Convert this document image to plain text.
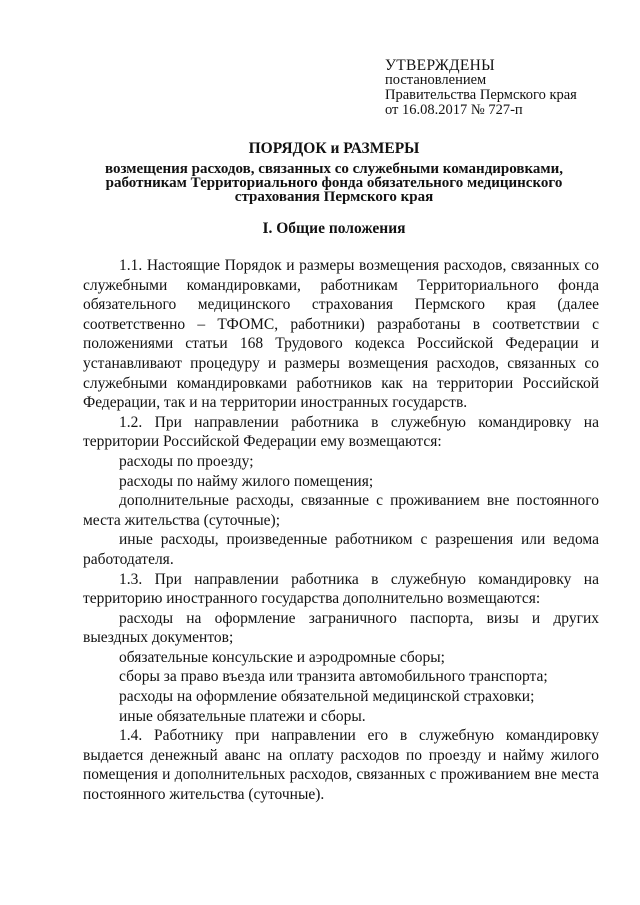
УТВЕРЖДЕНЫ
постановлением
Правительства Пермского края
от 16.08.2017 № 727-п
ПОРЯДОК и РАЗМЕРЫ
возмещения расходов, связанных со служебными командировками, работникам Территориального фонда обязательного медицинского страхования Пермского края
I. Общие положения

1.1. Настоящие Порядок и размеры возмещения расходов, связанных со служебными командировками, работникам Территориального фонда обязательного медицинского страхования Пермского края (далее соответственно – ТФОМС, работники) разработаны в соответствии с положениями статьи 168 Трудового кодекса Российской Федерации и устанавливают процедуру и размеры возмещения расходов, связанных со служебными командировками работников как на территории Российской Федерации, так и на территории иностранных государств.

1.2. При направлении работника в служебную командировку на территории Российской Федерации ему возмещаются:

расходы по проезду;

расходы по найму жилого помещения;

дополнительные расходы, связанные с проживанием вне постоянного места жительства (суточные);

иные расходы, произведенные работником с разрешения или ведома работодателя.

1.3. При направлении работника в служебную командировку на территорию иностранного государства дополнительно возмещаются:

расходы на оформление заграничного паспорта, визы и других выездных документов;

обязательные консульские и аэродромные сборы;

сборы за право въезда или транзита автомобильного транспорта;

расходы на оформление обязательной медицинской страховки;

иные обязательные платежи и сборы.

1.4. Работнику при направлении его в служебную командировку выдается денежный аванс на оплату расходов по проезду и найму жилого помещения и дополнительных расходов, связанных с проживанием вне места постоянного жительства (суточные).
